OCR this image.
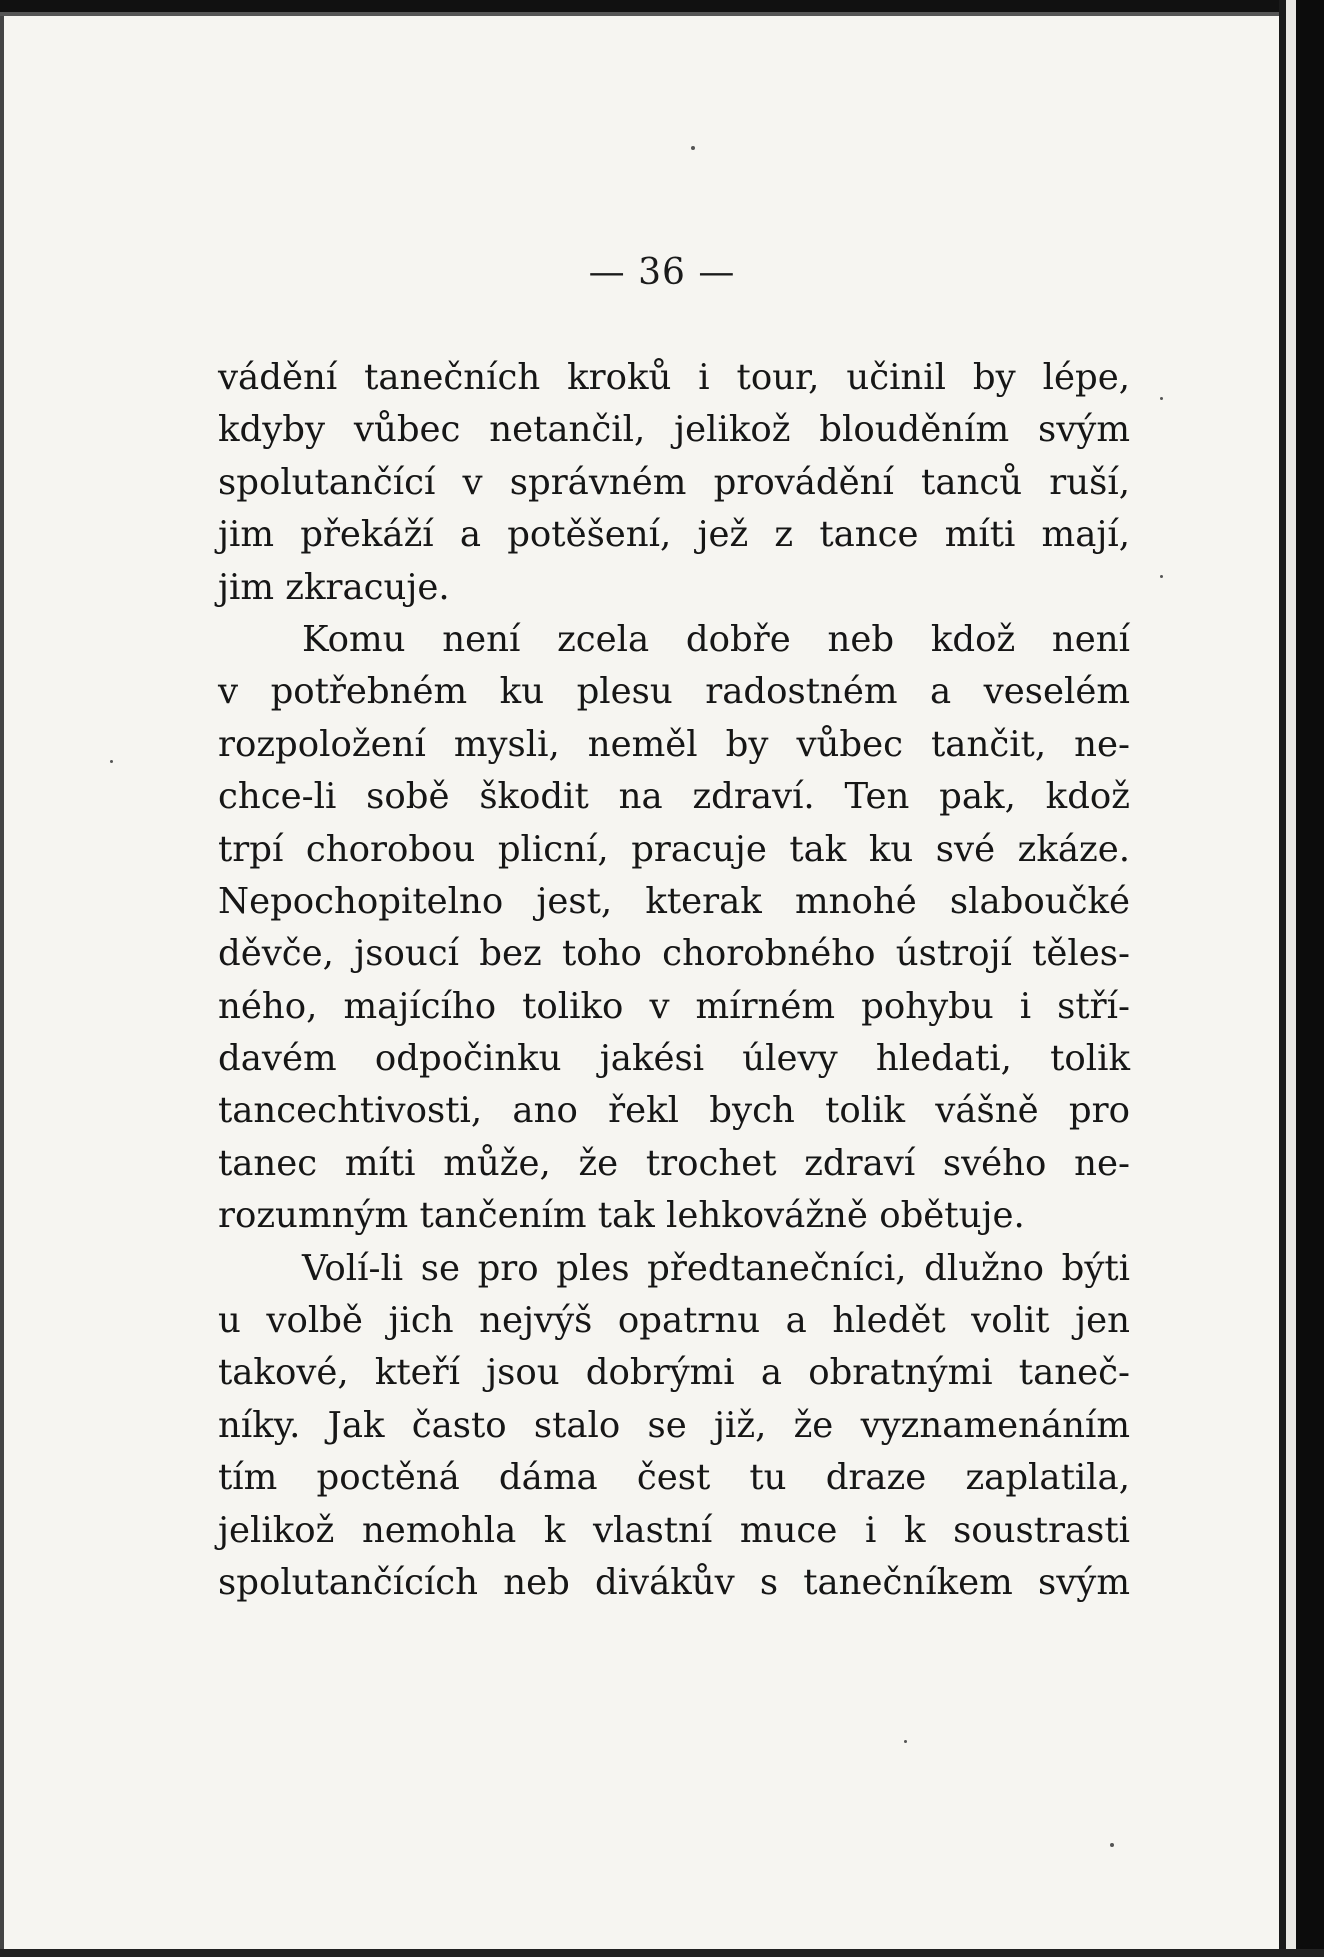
— 36 —
vádění tanečních kroků i tour, učinil by lépe,
kdyby vůbec netančil, jelikož blouděním svým
spolutančící v správném provádění tanců ruší,
jim překáží a potěšení, jež z tance míti mají,
jim zkracuje.
Komu není zcela dobře neb kdož není
v potřebném ku plesu radostném a veselém
rozpoložení mysli, neměl by vůbec tančit, ne-
chce-li sobě škodit na zdraví. Ten pak, kdož
trpí chorobou plicní, pracuje tak ku své zkáze.
Nepochopitelno jest, kterak mnohé slaboučké
děvče, jsoucí bez toho chorobného ústrojí těles-
ného, majícího toliko v mírném pohybu i stří-
davém odpočinku jakési úlevy hledati, tolik
tancechtivosti, ano řekl bych tolik vášně pro
tanec míti může, že trochet zdraví svého ne-
rozumným tančením tak lehkovážně obětuje.
Volí-li se pro ples předtanečníci, dlužno býti
u volbě jich nejvýš opatrnu a hledět volit jen
takové, kteří jsou dobrými a obratnými taneč-
níky. Jak často stalo se již, že vyznamenáním
tím poctěná dáma čest tu draze zaplatila,
jelikož nemohla k vlastní muce i k soustrasti
spolutančících neb divákův s tanečníkem svým
